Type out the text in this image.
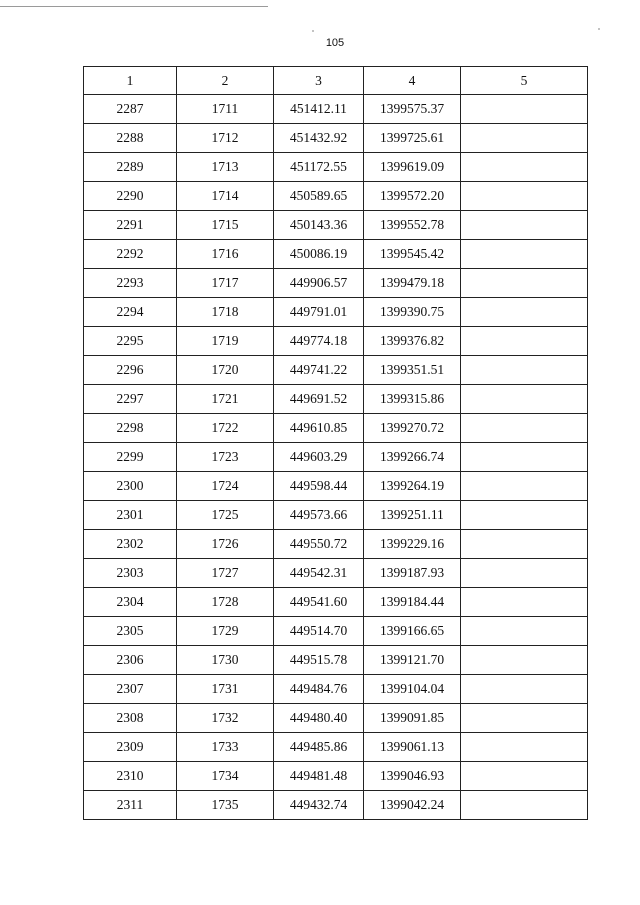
105
1	2	3	4	5
2287	1711	451412.11	1399575.37	
2288	1712	451432.92	1399725.61	
2289	1713	451172.55	1399619.09	
2290	1714	450589.65	1399572.20	
2291	1715	450143.36	1399552.78	
2292	1716	450086.19	1399545.42	
2293	1717	449906.57	1399479.18	
2294	1718	449791.01	1399390.75	
2295	1719	449774.18	1399376.82	
2296	1720	449741.22	1399351.51	
2297	1721	449691.52	1399315.86	
2298	1722	449610.85	1399270.72	
2299	1723	449603.29	1399266.74	
2300	1724	449598.44	1399264.19	
2301	1725	449573.66	1399251.11	
2302	1726	449550.72	1399229.16	
2303	1727	449542.31	1399187.93	
2304	1728	449541.60	1399184.44	
2305	1729	449514.70	1399166.65	
2306	1730	449515.78	1399121.70	
2307	1731	449484.76	1399104.04	
2308	1732	449480.40	1399091.85	
2309	1733	449485.86	1399061.13	
2310	1734	449481.48	1399046.93	
2311	1735	449432.74	1399042.24	
